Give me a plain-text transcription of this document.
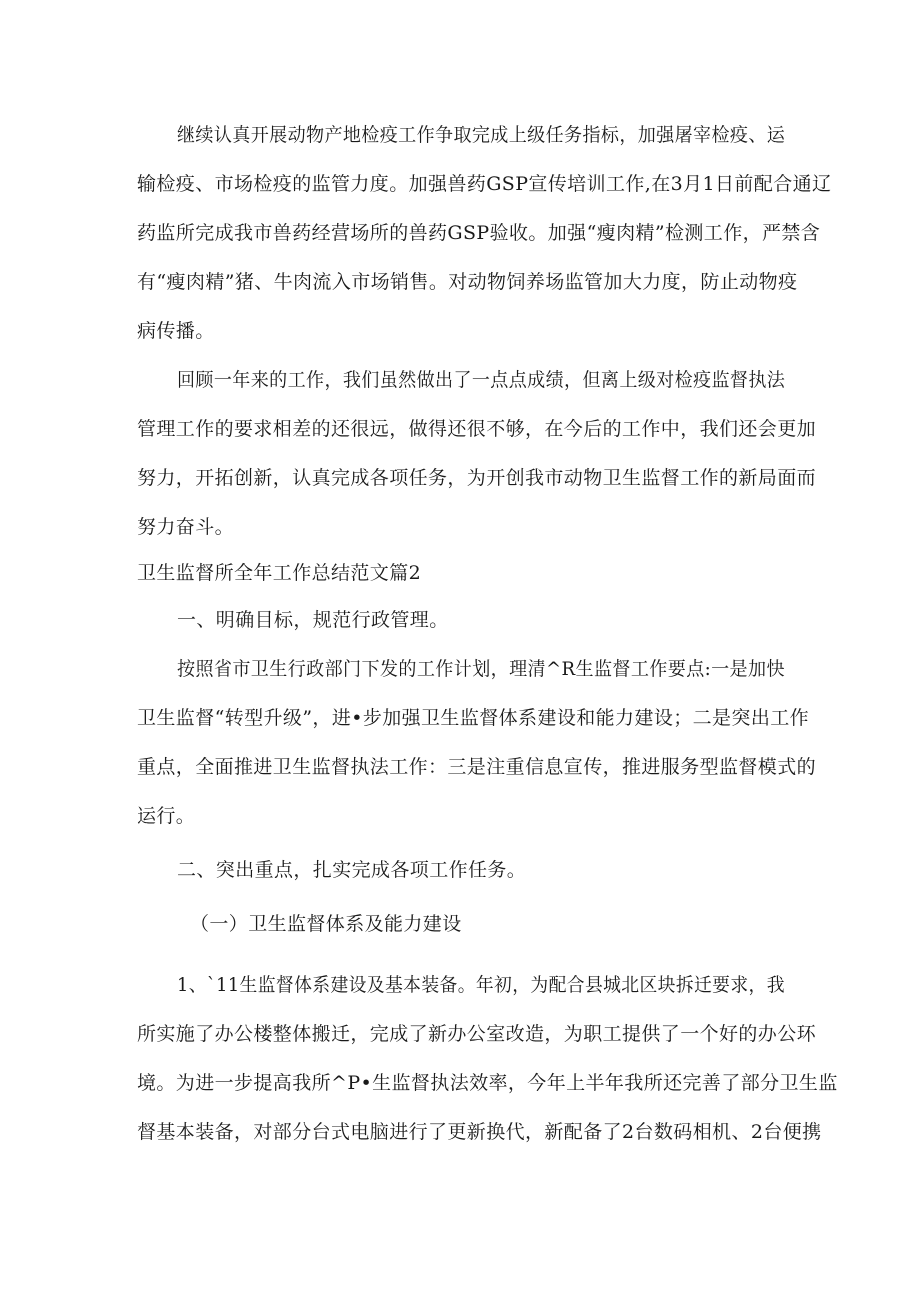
继续认真开展动物产地检疫工作争取完成上级任务指标，加强屠宰检疫、运
输检疫、市场检疫的监管力度。加强兽药GSP宣传培训工作,在3月1日前配合通辽
药监所完成我市兽药经营场所的兽药GSP验收。加强“瘦肉精”检测工作，严禁含
有“瘦肉精”猪、牛肉流入市场销售。对动物饲养场监管加大力度，防止动物疫
病传播。
回顾一年来的工作，我们虽然做出了一点点成绩，但离上级对检疫监督执法
管理工作的要求相差的还很远，做得还很不够，在今后的工作中，我们还会更加
努力，开拓创新，认真完成各项任务，为开创我市动物卫生监督工作的新局面而
努力奋斗。
卫生监督所全年工作总结范文篇2
一、明确目标，规范行政管理。
按照省市卫生行政部门下发的工作计划，理清^R生监督工作要点:一是加快
卫生监督“转型升级”，进•步加强卫生监督体系建设和能力建设；二是突出工作
重点，全面推进卫生监督执法工作：三是注重信息宣传，推进服务型监督模式的
运行。
二、突出重点，扎实完成各项工作任务。
（一）卫生监督体系及能力建设
1、`11生监督体系建设及基本装备。年初，为配合县城北区块拆迁要求，我
所实施了办公楼整体搬迁，完成了新办公室改造，为职工提供了一个好的办公环
境。为进一步提高我所^P•生监督执法效率，今年上半年我所还完善了部分卫生监
督基本装备，对部分台式电脑进行了更新换代，新配备了2台数码相机、2台便携
